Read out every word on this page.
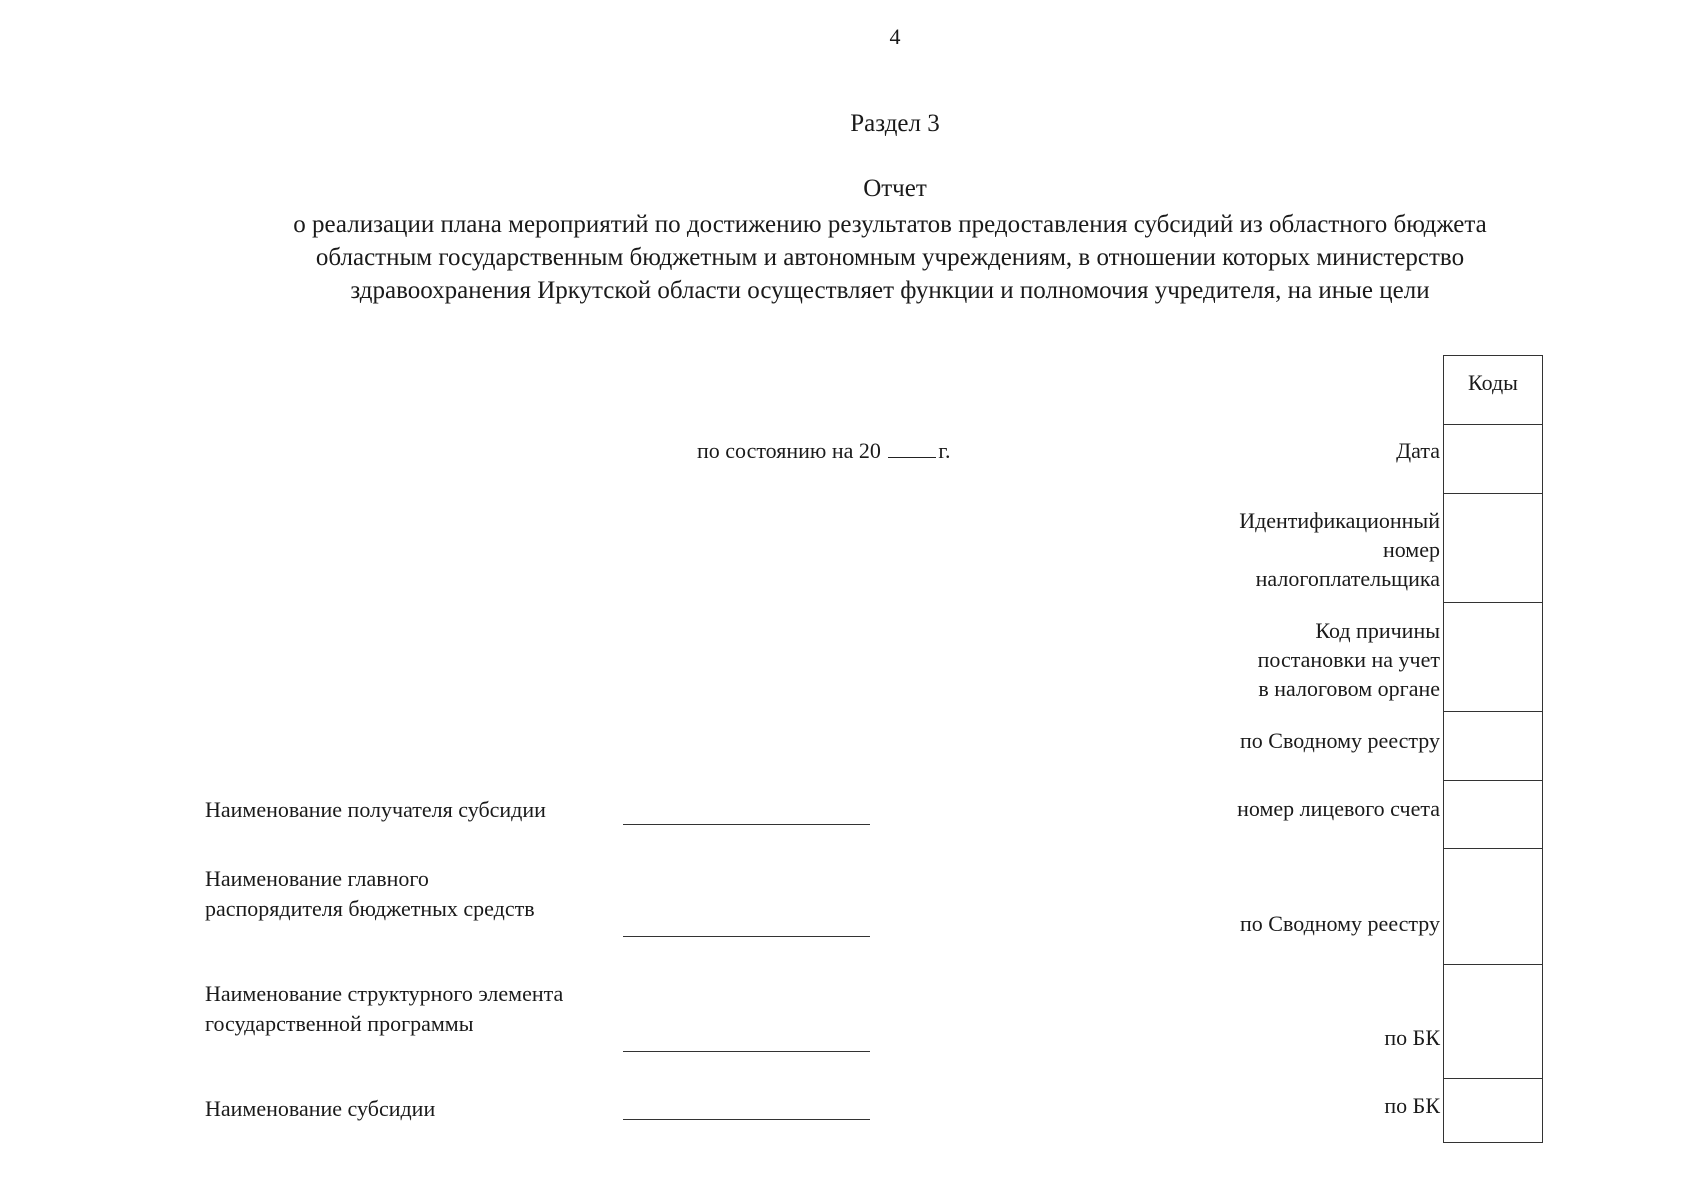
4
Раздел 3
Отчет
о реализации плана мероприятий по достижению результатов предоставления субсидий из областного бюджета
областным государственным бюджетным и автономным учреждениям, в отношении которых министерство
здравоохранения Иркутской области осуществляет функции и полномочия учредителя, на иные цели
по состоянию на 20	г.
Наименование получателя субсидии
Наименование главного
распорядителя бюджетных средств
Наименование структурного элемента
государственной программы
Наименование субсидии
Дата
Идентификационный
номер
налогоплательщика
Код причины
постановки на учет
в налоговом органе
по Сводному реестру
номер лицевого счета
по Сводному реестру
по БК
по БК
Коды
